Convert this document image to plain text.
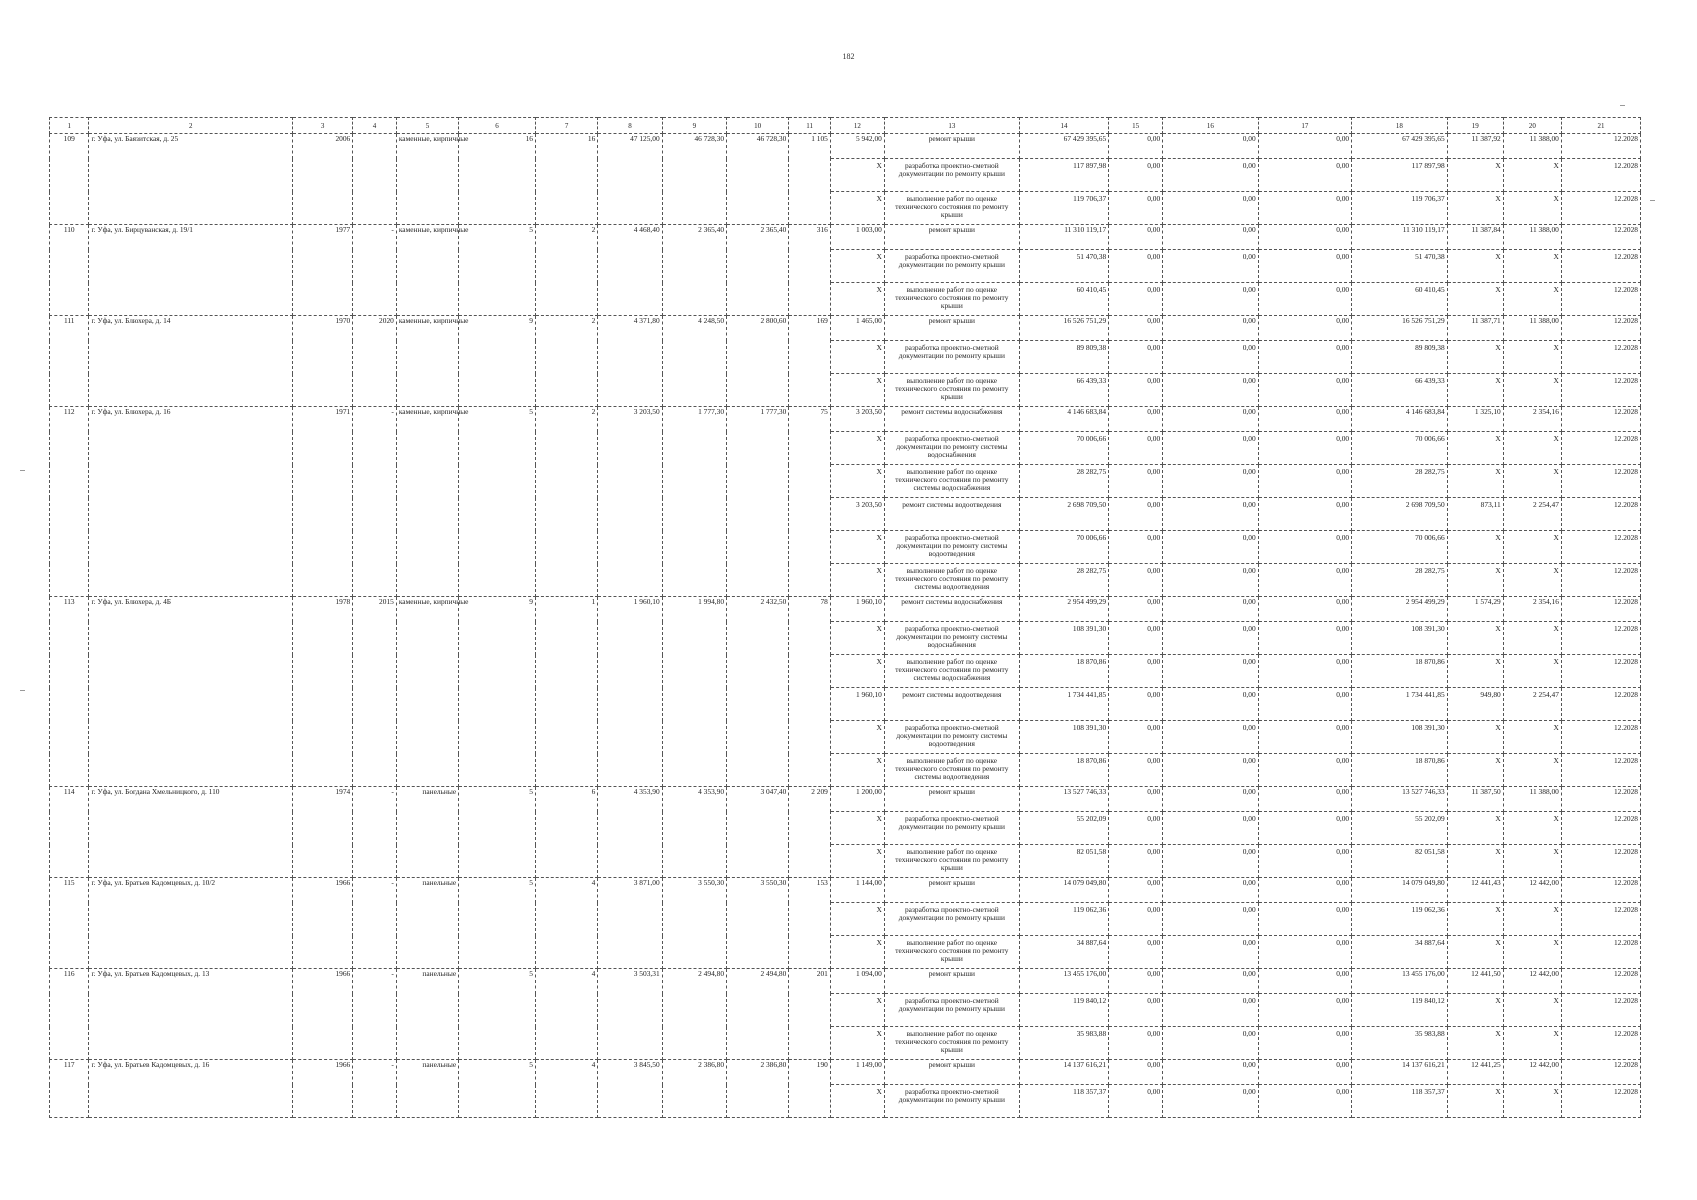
182
1	2	3	4	5	6	7	8	9	10	11	12	13	14	15	16	17	18	19	20	21
109	г. Уфа, ул. Баязитская, д. 25	2006		каменные, кирпичные	16	16	47 125,00	46 728,30	46 728,30	1 105	5 942,00	ремонт крыши	67 429 395,65	0,00	0,00	0,00	67 429 395,65	11 387,92	11 388,00	12.2028
											X	разработка проектно-сметной документации по ремонту крыши	117 897,98	0,00	0,00	0,00	117 897,98	X	X	12.2028
											X	выполнение работ по оценке технического состояния по ремонту крыши	119 706,37	0,00	0,00	0,00	119 706,37	X	X	12.2028
110	г. Уфа, ул. Бирцуванская, д. 19/1	1977	-	каменные, кирпичные	5	2	4 468,40	2 365,40	2 365,40	316	1 003,00	ремонт крыши	11 310 119,17	0,00	0,00	0,00	11 310 119,17	11 387,84	11 388,00	12.2028
											X	разработка проектно-сметной документации по ремонту крыши	51 470,38	0,00	0,00	0,00	51 470,38	X	X	12.2028
											X	выполнение работ по оценке технического состояния по ремонту крыши	60 410,45	0,00	0,00	0,00	60 410,45	X	X	12.2028
111	г. Уфа, ул. Блюхера, д. 14	1970	2020	каменные, кирпичные	9	2	4 371,80	4 248,50	2 800,60	169	1 465,00	ремонт крыши	16 526 751,29	0,00	0,00	0,00	16 526 751,29	11 387,71	11 388,00	12.2028
											X	разработка проектно-сметной документации по ремонту крыши	89 809,38	0,00	0,00	0,00	89 809,38	X	X	12.2028
											X	выполнение работ по оценке технического состояния по ремонту крыши	66 439,33	0,00	0,00	0,00	66 439,33	X	X	12.2028
112	г. Уфа, ул. Блюхера, д. 16	1971	-	каменные, кирпичные	5	2	3 203,50	1 777,30	1 777,30	75	3 203,50	ремонт системы водоснабжения	4 146 683,84	0,00	0,00	0,00	4 146 683,84	1 325,10	2 354,16	12.2028
											X	разработка проектно-сметной документации по ремонту системы водоснабжения	70 006,66	0,00	0,00	0,00	70 006,66	X	X	12.2028
											X	выполнение работ по оценке технического состояния по ремонту системы водоснабжения	28 282,75	0,00	0,00	0,00	28 282,75	X	X	12.2028
											3 203,50	ремонт системы водоотведения	2 698 709,50	0,00	0,00	0,00	2 698 709,50	873,11	2 254,47	12.2028
											X	разработка проектно-сметной документации по ремонту системы водоотведения	70 006,66	0,00	0,00	0,00	70 006,66	X	X	12.2028
											X	выполнение работ по оценке технического состояния по ремонту системы водоотведения	28 282,75	0,00	0,00	0,00	28 282,75	X	X	12.2028
113	г. Уфа, ул. Блюхера, д. 4Б	1978	2015	каменные, кирпичные	9	1	1 960,10	1 994,80	2 432,50	78	1 960,10	ремонт системы водоснабжения	2 954 499,29	0,00	0,00	0,00	2 954 499,29	1 574,29	2 354,16	12.2028
											X	разработка проектно-сметной документации по ремонту системы водоснабжения	108 391,30	0,00	0,00	0,00	108 391,30	X	X	12.2028
											X	выполнение работ по оценке технического состояния по ремонту системы водоснабжения	18 870,86	0,00	0,00	0,00	18 870,86	X	X	12.2028
											1 960,10	ремонт системы водоотведения	1 734 441,85	0,00	0,00	0,00	1 734 441,85	949,80	2 254,47	12.2028
											X	разработка проектно-сметной документации по ремонту системы водоотведения	108 391,30	0,00	0,00	0,00	108 391,30	X	X	12.2028
											X	выполнение работ по оценке технического состояния по ремонту системы водоотведения	18 870,86	0,00	0,00	0,00	18 870,86	X	X	12.2028
114	г. Уфа, ул. Богдана Хмельницкого, д. 110	1974	-	панельные	5	6	4 353,90	4 353,90	3 047,40	2 209	1 200,00	ремонт крыши	13 527 746,33	0,00	0,00	0,00	13 527 746,33	11 387,50	11 388,00	12.2028
											X	разработка проектно-сметной документации по ремонту крыши	55 202,09	0,00	0,00	0,00	55 202,09	X	X	12.2028
											X	выполнение работ по оценке технического состояния по ремонту крыши	82 051,58	0,00	0,00	0,00	82 051,58	X	X	12.2028
115	г. Уфа, ул. Братьев Кадомцевых, д. 10/2	1966	-	панельные	5	4	3 871,00	3 550,30	3 550,30	153	1 144,00	ремонт крыши	14 079 049,80	0,00	0,00	0,00	14 079 049,80	12 441,43	12 442,00	12.2028
											X	разработка проектно-сметной документации по ремонту крыши	119 062,36	0,00	0,00	0,00	119 062,36	X	X	12.2028
											X	выполнение работ по оценке технического состояния по ремонту крыши	34 887,64	0,00	0,00	0,00	34 887,64	X	X	12.2028
116	г. Уфа, ул. Братьев Кадомцевых, д. 13	1966	-	панельные	5	4	3 503,31	2 494,80	2 494,80	201	1 094,00	ремонт крыши	13 455 176,00	0,00	0,00	0,00	13 455 176,00	12 441,50	12 442,00	12.2028
											X	разработка проектно-сметной документации по ремонту крыши	119 840,12	0,00	0,00	0,00	119 840,12	X	X	12.2028
											X	выполнение работ по оценке технического состояния по ремонту крыши	35 983,88	0,00	0,00	0,00	35 983,88	X	X	12.2028
117	г. Уфа, ул. Братьев Кадомцевых, д. 16	1966	-	панельные	5	4	3 845,50	2 386,80	2 386,80	190	1 149,00	ремонт крыши	14 137 616,21	0,00	0,00	0,00	14 137 616,21	12 441,25	12 442,00	12.2028
											X	разработка проектно-сметной документации по ремонту крыши	118 357,37	0,00	0,00	0,00	118 357,37	X	X	12.2028
